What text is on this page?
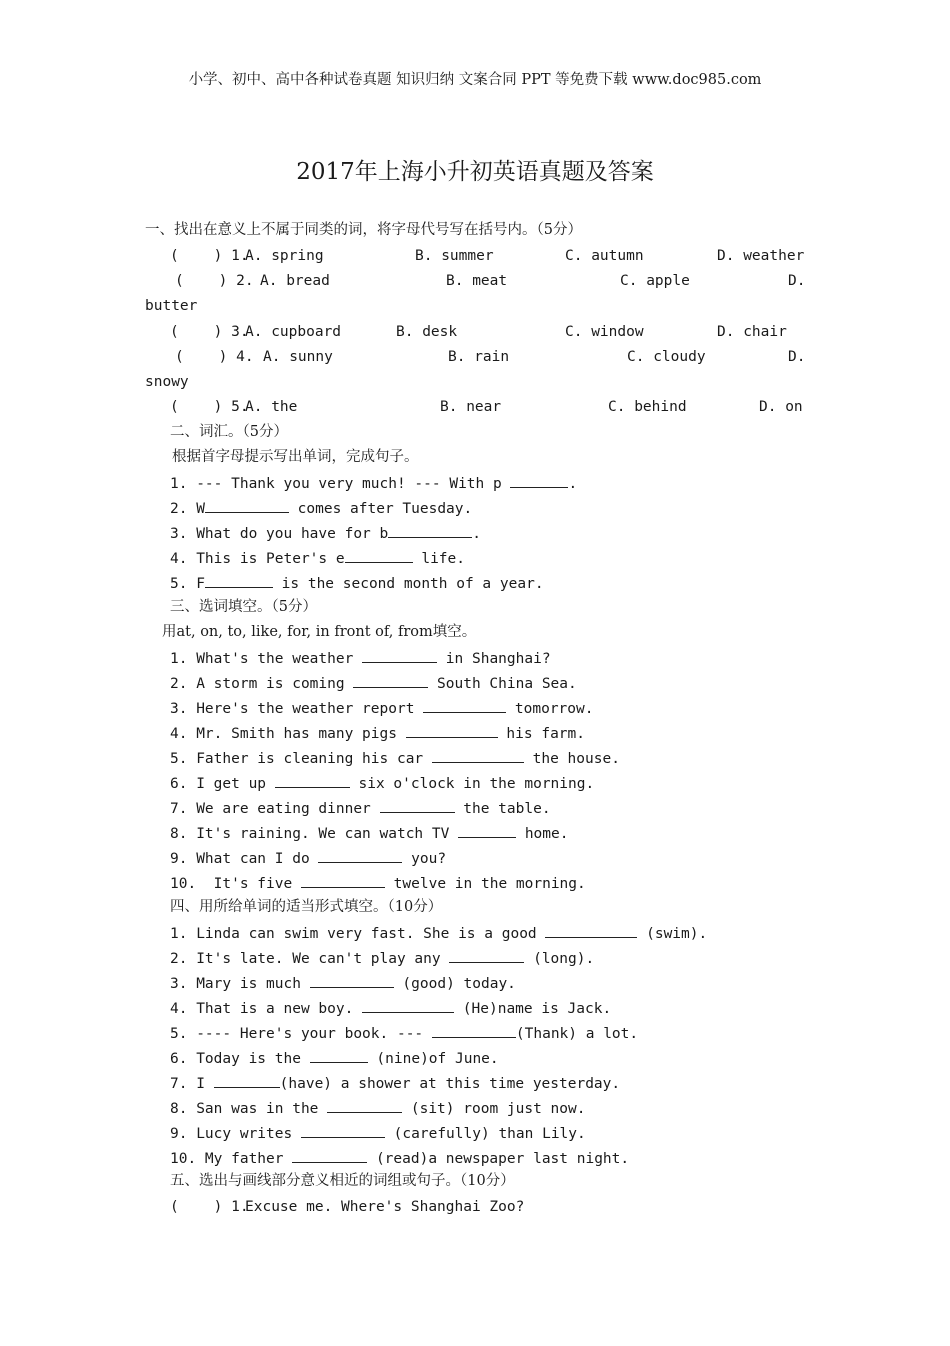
小学、初中、高中各种试卷真题 知识归纳 文案合同 PPT 等免费下载 www.doc985.com
2017年上海小升初英语真题及答案
一、找出在意义上不属于同类的词，将字母代号写在括号内。（5分）
(    ) 1.
A. spring	B. summer	C. autumn	D. weather
(    ) 2. A. bread	B. meat	C. apple	D.
butter
(    ) 3.
A. cupboard	B. desk	C. window	D. chair
(    ) 4. A. sunny	B. rain	C. cloudy	D.
snowy
(    ) 5.
A. the	B. near	C. behind	D. on
二、词汇。（5分）
根据首字母提示写出单词，完成句子。
1. --- Thank you very much! --- With p	.
2. W	comes after Tuesday.
3. What do you have for b	.
4. This is Peter's e	life.
5. F	is the second month of a year.
三、选词填空。（5分）
用at, on, to, like, for, in front of, from填空。
1. What's the weather	in Shanghai?
2. A storm is coming	South China Sea.
3. Here's the weather report	tomorrow.
4. Mr. Smith has many pigs	his farm.
5. Father is cleaning his car	the house.
6. I get up	six o'clock in the morning.
7. We are eating dinner	the table.
8. It's raining. We can watch TV	home.
9. What can I do	you?
10.  It's five	twelve in the morning.
四、用所给单词的适当形式填空。（10分）
1. Linda can swim very fast. She is a good	(swim).
2. It's late. We can't play any	(long).
3. Mary is much	(good) today.
4. That is a new boy.	(He)name is Jack.
5. ---- Here's your book. ---	(Thank) a lot.
6. Today is the	(nine)of June.
7. I	(have) a shower at this time yesterday.
8. San was in the	(sit) room just now.
9. Lucy writes	(carefully) than Lily.
10. My father	(read)a newspaper last night.
五、选出与画线部分意义相近的词组或句子。（10分）
(    ) 1.
Excuse me. Where's Shanghai Zoo?
